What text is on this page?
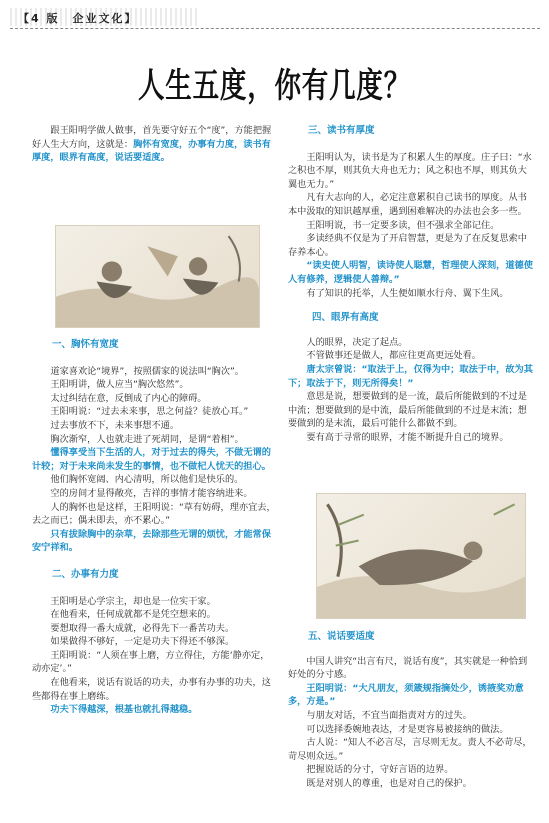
【4 版　企业文化】
人生五度，你有几度？

跟王阳明学做人做事，首先要守好五个“度”，方能把握好人生大方向，这就是：胸怀有宽度，办事有力度，读书有厚度，眼界有高度，说话要适度。

一、胸怀有宽度

道家喜欢论“境界”，按照儒家的说法叫“胸次”。

王阳明讲，做人应当“胸次悠然”。

太过纠结在意，反倒成了内心的障碍。

王阳明说：“过去未来事，思之何益？徒放心耳。”

过去事放不下，未来事想不通。

胸次渐窄，人也就走进了死胡同，是谓“着相”。

懂得享受当下生活的人，对于过去的得失，不做无谓的计较；对于未来尚未发生的事情，也不做杞人忧天的担心。

他们胸怀宽阔、内心清明，所以他们是快乐的。

空的房间才显得敞亮，吉祥的事情才能容纳进来。

人的胸怀也是这样，王阳明说：“草有妨碍，理亦宜去，去之而已；偶未即去，亦不累心。”

只有拔除胸中的杂草，去除那些无谓的烦忧，才能常保安宁祥和。

二、办事有力度

王阳明是心学宗主，却也是一位实干家。

在他看来，任何成就都不是凭空想来的。

要想取得一番大成就，必得先下一番苦功夫。

如果做得不够好，一定是功夫下得还不够深。

王阳明说：“人须在事上磨，方立得住，方能‘静亦定，动亦定’。”

在他看来，说话有说话的功夫，办事有办事的功夫，这些都得在事上磨练。

功夫下得越深，根基也就扎得越稳。

三、读书有厚度

王阳明认为，读书是为了积累人生的厚度。庄子曰：“水之积也不厚，则其负大舟也无力；风之积也不厚，则其负大翼也无力。”

凡有大志向的人，必定注意累积自己读书的厚度。从书本中汲取的知识越厚重，遇到困难解决的办法也会多一些。

王阳明说，书一定要多读，但不强求全部记住。

多读经典不仅是为了开启智慧，更是为了在反复思索中存养本心。

“读史使人明智，读诗使人聪慧，哲理使人深刻，道德使人有修养，逻辑使人善辩。”

有了知识的托举，人生便如顺水行舟、翼下生风。

四、眼界有高度

人的眼界，决定了起点。

不管做事还是做人，都应往更高更远处看。

唐太宗曾说：“取法于上，仅得为中；取法于中，故为其下；取法于下，则无所得矣！”

意思是说，想要做到的是一流，最后所能做到的不过是中流；想要做到的是中流，最后所能做到的不过是末流；想要做到的是末流，最后可能什么都做不到。

要有高于寻常的眼界，才能不断提升自己的境界。

五、说话要适度

中国人讲究“出言有尺，说话有度”，其实就是一种恰到好处的分寸感。

王阳明说：“大凡朋友，须箴规指摘处少，诱掖奖劝意多，方是。”

与朋友对话，不宜当面指责对方的过失。

可以选择委婉地表达，才是更容易被接纳的做法。

古人说：“知人不必言尽，言尽则无友。责人不必苛尽，苛尽则众远。”

把握说话的分寸，守好言语的边界。

既是对别人的尊重，也是对自己的保护。
